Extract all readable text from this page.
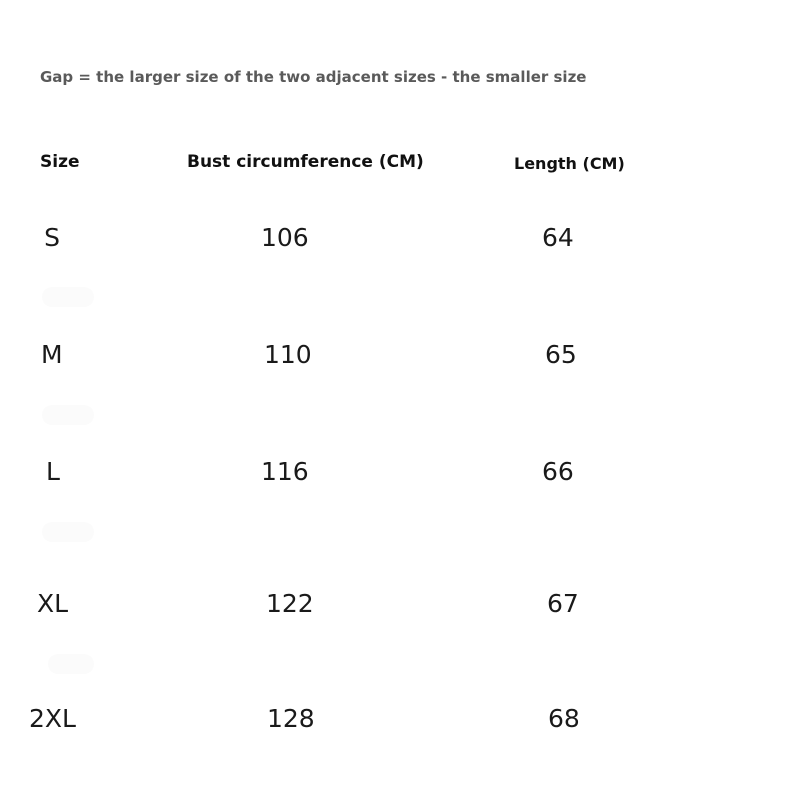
Gap = the larger size of the two adjacent sizes - the smaller size
Size	Bust circumference (CM)	Length (CM)
S	106	64
M	110	65
L	116	66
XL	122	67
2XL	128	68
